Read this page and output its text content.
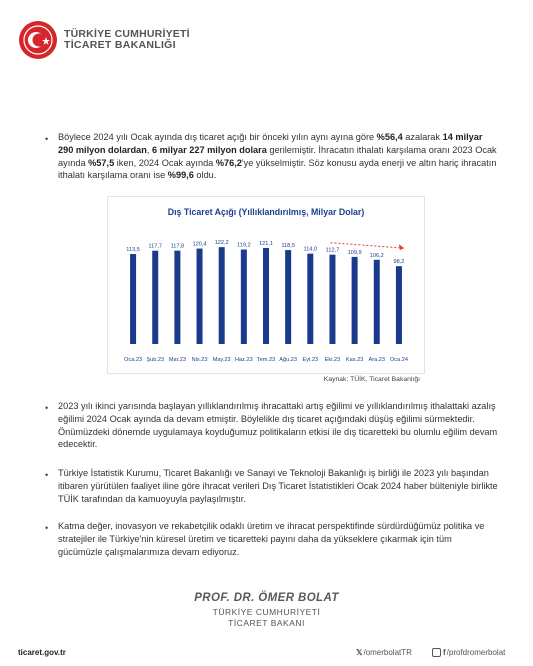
TÜRKİYE CUMHURİYETİ
TİCARET BAKANLIĞI
• Böylece 2024 yılı Ocak ayında dış ticaret açığı bir önceki yılın aynı ayına göre %56,4 azalarak 14 milyar 290 milyon dolardan, 6 milyar 227 milyon dolara gerilemiştir. İhracatın ithalatı karşılama oranı 2023 Ocak ayında %57,5 iken, 2024 Ocak ayında %76,2'ye yükselmiştir. Söz konusu ayda enerji ve altın hariç ihracatın ithalatı karşılama oranı ise %99,6 oldu.
Dış Ticaret Açığı (Yıllıklandırılmış, Milyar Dolar)
113,5
Oca.23
117,7
Şub.23
117,8
Mar.23
120,4
Nis.23
122,2
May.23
119,2
Haz.23
121,1
Tem.23
118,5
Ağu.23
114,0
Eyl.23
112,7
Eki.23
109,9
Kas.23
106,2
Ara.23
98,2
Oca.24
Kaynak: TÜİK, Ticaret Bakanlığı
• 2023 yılı ikinci yarısında başlayan yıllıklandırılmış ihracattaki artış eğilimi ve yıllıklandırılmış ithalattaki azalış eğilimi 2024 Ocak ayında da devam etmiştir. Böylelikle dış ticaret açığındaki düşüş eğilimi sürmektedir. Önümüzdeki dönemde uygulamaya koyduğumuz politikaların etkisi ile dış ticaretteki bu olumlu eğilim devam edecektir.
• Türkiye İstatistik Kurumu, Ticaret Bakanlığı ve Sanayi ve Teknoloji Bakanlığı iş birliği ile 2023 yılı başından itibaren yürütülen faaliyet iline göre ihracat verileri Dış Ticaret İstatistikleri Ocak 2024 haber bülteniyle birlikte TÜİK tarafından da kamuoyuyla paylaşılmıştır.
• Katma değer, inovasyon ve rekabetçilik odaklı üretim ve ihracat perspektifinde sürdürdüğümüz politika ve stratejiler ile Türkiye'nin küresel üretim ve ticaretteki payını daha da yükseklere çıkarmak için tüm gücümüzle çalışmalarımıza devam ediyoruz.
PROF. DR. ÖMER BOLAT
TÜRKİYE CUMHURİYETİ
TİCARET BAKANI
ticaret.gov.tr	𝕏 /omerbolatTR	f /profdromerbolat
